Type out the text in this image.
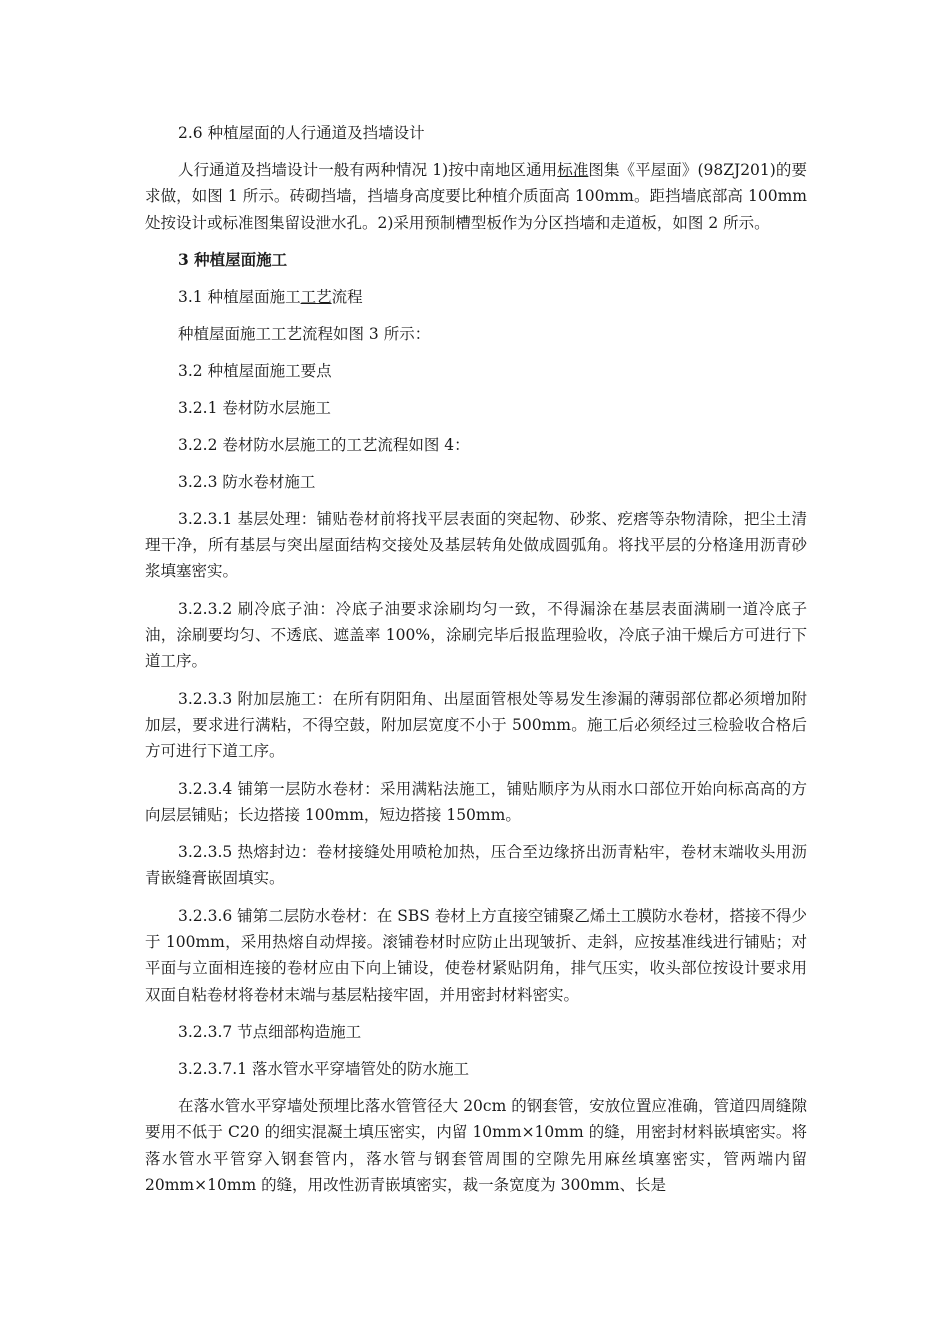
2.6 种植屋面的人行通道及挡墙设计
人行通道及挡墙设计一般有两种情况 1)按中南地区通用标准图集《平屋面》(98ZJ201)的要求做，如图 1 所示。砖砌挡墙，挡墙身高度要比种植介质面高 100mm。距挡墙底部高 100mm 处按设计或标准图集留设泄水孔。2)采用预制槽型板作为分区挡墙和走道板，如图 2 所示。
3 种植屋面施工
3.1 种植屋面施工工艺流程
种植屋面施工工艺流程如图 3 所示：
3.2 种植屋面施工要点
3.2.1 卷材防水层施工
3.2.2 卷材防水层施工的工艺流程如图 4：
3.2.3 防水卷材施工
3.2.3.1 基层处理：铺贴卷材前将找平层表面的突起物、砂浆、疙瘩等杂物清除，把尘土清理干净，所有基层与突出屋面结构交接处及基层转角处做成圆弧角。将找平层的分格逢用沥青砂浆填塞密实。
3.2.3.2 刷冷底子油：冷底子油要求涂刷均匀一致，不得漏涂在基层表面满刷一道冷底子油，涂刷要均匀、不透底、遮盖率 100%，涂刷完毕后报监理验收，冷底子油干燥后方可进行下道工序。
3.2.3.3 附加层施工：在所有阴阳角、出屋面管根处等易发生渗漏的薄弱部位都必须增加附加层，要求进行满粘，不得空鼓，附加层宽度不小于 500mm。施工后必须经过三检验收合格后方可进行下道工序。
3.2.3.4 铺第一层防水卷材：采用满粘法施工，铺贴顺序为从雨水口部位开始向标高高的方向层层铺贴；长边搭接 100mm，短边搭接 150mm。
3.2.3.5 热熔封边：卷材接缝处用喷枪加热，压合至边缘挤出沥青粘牢，卷材末端收头用沥青嵌缝膏嵌固填实。
3.2.3.6 铺第二层防水卷材：在 SBS 卷材上方直接空铺聚乙烯土工膜防水卷材，搭接不得少于 100mm，采用热熔自动焊接。滚铺卷材时应防止出现皱折、走斜，应按基准线进行铺贴；对平面与立面相连接的卷材应由下向上铺设，使卷材紧贴阴角，排气压实，收头部位按设计要求用双面自粘卷材将卷材末端与基层粘接牢固，并用密封材料密实。
3.2.3.7 节点细部构造施工
3.2.3.7.1 落水管水平穿墙管处的防水施工
在落水管水平穿墙处预埋比落水管管径大 20cm 的钢套管，安放位置应准确，管道四周缝隙要用不低于 C20 的细实混凝土填压密实，内留 10mm×10mm 的缝，用密封材料嵌填密实。将落水管水平管穿入钢套管内，落水管与钢套管周围的空隙先用麻丝填塞密实，管两端内留 20mm×10mm 的缝，用改性沥青嵌填密实，裁一条宽度为 300mm、长是
